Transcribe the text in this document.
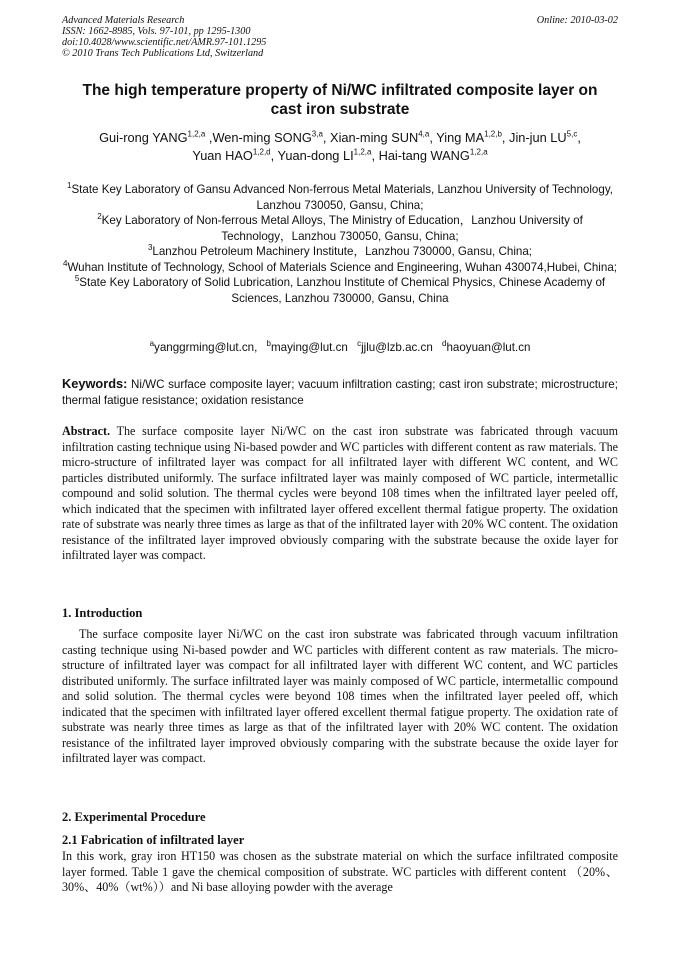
Advanced Materials Research
ISSN: 1662-8985, Vols. 97-101, pp 1295-1300
doi:10.4028/www.scientific.net/AMR.97-101.1295
© 2010 Trans Tech Publications Ltd, Switzerland
Online: 2010-03-02
The high temperature property of Ni/WC infiltrated composite layer on
cast iron substrate
Gui-rong YANG$^{1,2,a}$ ,Wen-ming SONG$^{3,a}$, Xian-ming SUN$^{4,a}$, Ying MA$^{1,2,b}$, Jin-jun LU$^{5,c}$,
Yuan HAO$^{1,2,d}$, Yuan-dong LI$^{1,2,a}$, Hai-tang WANG$^{1,2,a}$
$^1$State Key Laboratory of Gansu Advanced Non-ferrous Metal Materials, Lanzhou University of Technology, Lanzhou 730050, Gansu, China;
$^2$Key Laboratory of Non-ferrous Metal Alloys, The Ministry of Education，Lanzhou University of Technology，Lanzhou 730050, Gansu, China;
$^3$Lanzhou Petroleum Machinery Institute，Lanzhou 730000, Gansu, China;
$^4$Wuhan Institute of Technology, School of Materials Science and Engineering, Wuhan 430074,Hubei, China;
$^5$State Key Laboratory of Solid Lubrication, Lanzhou Institute of Chemical Physics, Chinese Academy of Sciences, Lanzhou 730000, Gansu, China
$^a$yanggrming@lut.cn, $^b$maying@lut.cn $^c$jjlu@lzb.ac.cn $^d$haoyuan@lut.cn
Keywords: Ni/WC surface composite layer; vacuum infiltration casting; cast iron substrate; microstructure; thermal fatigue resistance; oxidation resistance
Abstract. The surface composite layer Ni/WC on the cast iron substrate was fabricated through vacuum infiltration casting technique using Ni-based powder and WC particles with different content as raw materials. The micro-structure of infiltrated layer was compact for all infiltrated layer with different WC content, and WC particles distributed uniformly. The surface infiltrated layer was mainly composed of WC particle, intermetallic compound and solid solution. The thermal cycles were beyond 108 times when the infiltrated layer peeled off, which indicated that the specimen with infiltrated layer offered excellent thermal fatigue property. The oxidation rate of substrate was nearly three times as large as that of the infiltrated layer with 20% WC content. The oxidation resistance of the infiltrated layer improved obviously comparing with the substrate because the oxide layer for infiltrated layer was compact.
1. Introduction
The surface composite layer Ni/WC on the cast iron substrate was fabricated through vacuum infiltration casting technique using Ni-based powder and WC particles with different content as raw materials. The micro-structure of infiltrated layer was compact for all infiltrated layer with different WC content, and WC particles distributed uniformly. The surface infiltrated layer was mainly composed of WC particle, intermetallic compound and solid solution. The thermal cycles were beyond 108 times when the infiltrated layer peeled off, which indicated that the specimen with infiltrated layer offered excellent thermal fatigue property. The oxidation rate of substrate was nearly three times as large as that of the infiltrated layer with 20% WC content. The oxidation resistance of the infiltrated layer improved obviously comparing with the substrate because the oxide layer for infiltrated layer was compact.
2. Experimental Procedure
2.1 Fabrication of infiltrated layer
In this work, gray iron HT150 was chosen as the substrate material on which the surface infiltrated composite layer formed. Table 1 gave the chemical composition of substrate. WC particles with different content （20%、30%、40%（wt%））and Ni base alloying powder with the average
